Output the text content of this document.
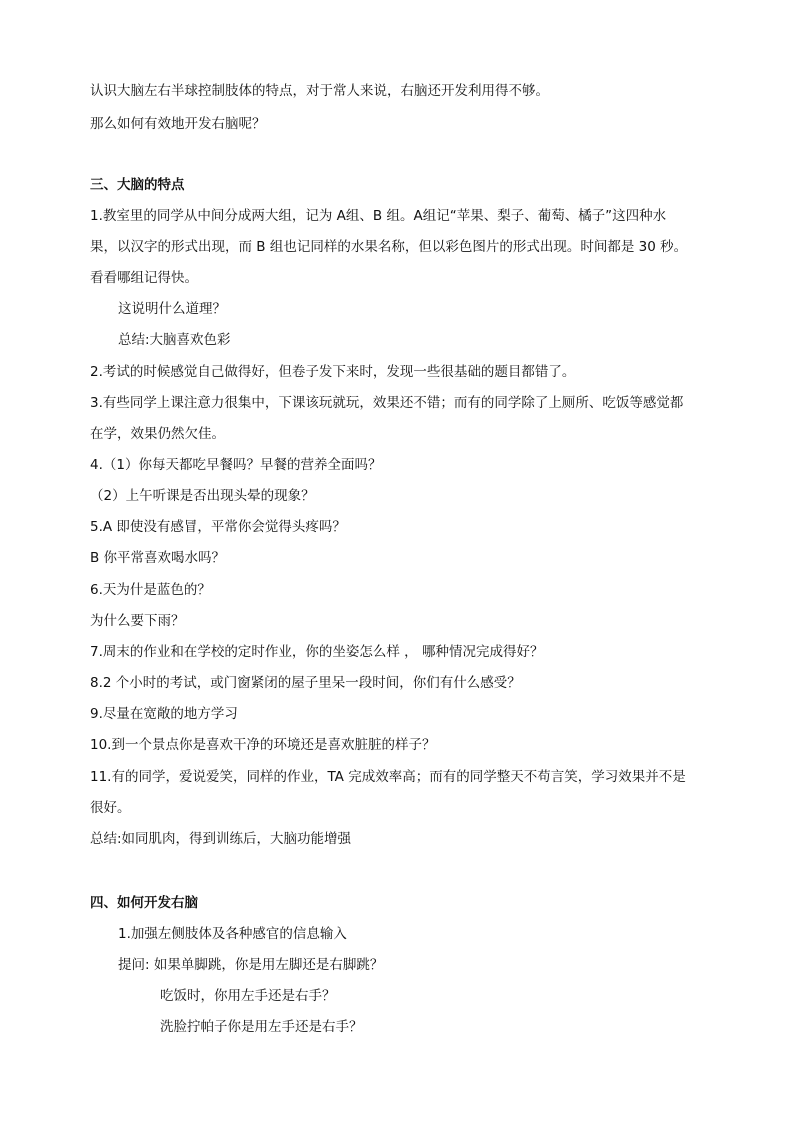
认识大脑左右半球控制肢体的特点，对于常人来说，右脑还开发利用得不够。
那么如何有效地开发右脑呢？
三、大脑的特点
1.教室里的同学从中间分成两大组，记为 A组、B 组。A组记“苹果、梨子、葡萄、橘子”这四种水
果，以汉字的形式出现，而 B 组也记同样的水果名称，但以彩色图片的形式出现。时间都是 30 秒。
看看哪组记得快。
这说明什么道理？
总结:大脑喜欢色彩
2.考试的时候感觉自己做得好，但卷子发下来时，发现一些很基础的题目都错了。
3.有些同学上课注意力很集中，下课该玩就玩，效果还不错；而有的同学除了上厕所、吃饭等感觉都
在学，效果仍然欠佳。
4.（1）你每天都吃早餐吗？早餐的营养全面吗？
（2）上午听课是否出现头晕的现象？
5.A 即使没有感冒，平常你会觉得头疼吗？
B 你平常喜欢喝水吗？
6.天为什是蓝色的？
为什么要下雨？
7.周末的作业和在学校的定时作业，你的坐姿怎么样 ， 哪种情况完成得好？
8.2 个小时的考试，或门窗紧闭的屋子里呆一段时间，你们有什么感受？
9.尽量在宽敞的地方学习
10.到一个景点你是喜欢干净的环境还是喜欢脏脏的样子？
11.有的同学，爱说爱笑，同样的作业，TA 完成效率高；而有的同学整天不苟言笑，学习效果并不是
很好。
总结:如同肌肉，得到训练后，大脑功能增强
四、如何开发右脑
1.加强左侧肢体及各种感官的信息输入
提问: 如果单脚跳，你是用左脚还是右脚跳？
吃饭时，你用左手还是右手？
洗脸拧帕子你是用左手还是右手？
